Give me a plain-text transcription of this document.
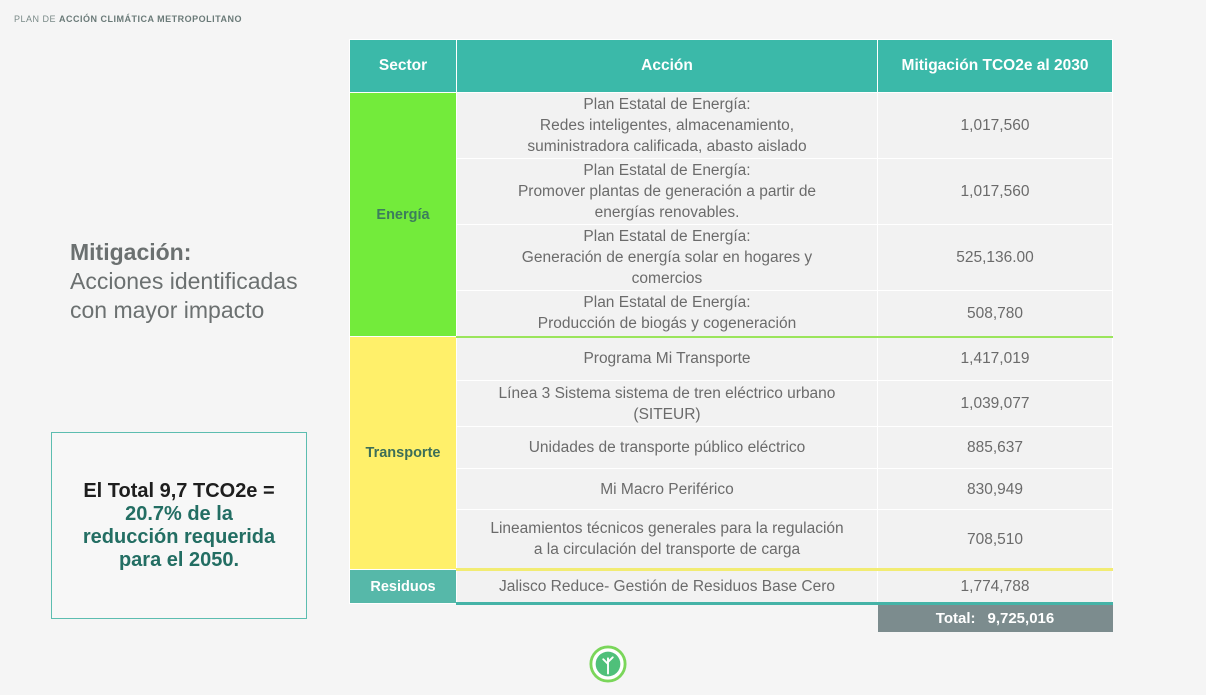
PLAN DE ACCIÓN CLIMÁTICA METROPOLITANO
Mitigación:
Acciones identificadas con mayor impacto
El Total 9,7 TCO2e =
20.7% de la
reducción requerida
para el 2050.
Sector	Acción	Mitigación TCO2e al 2030
Energía	Plan Estatal de Energía:
Redes inteligentes, almacenamiento,
suministradora calificada, abasto aislado	1,017,560

	Plan Estatal de Energía:
Promover plantas de generación a partir de
energías renovables.	1,017,560

	Plan Estatal de Energía:
Generación de energía solar en hogares y
comercios	525,136.00

	Plan Estatal de Energía:
Producción de biogás y cogeneración	508,780
Transporte	Programa Mi Transporte	1,417,019

	Línea 3 Sistema sistema de tren eléctrico urbano
(SITEUR)	1,039,077

	Unidades de transporte público eléctrico	885,637

	Mi Macro Periférico	830,949

	Lineamientos técnicos generales para la regulación
a la circulación del transporte de carga	708,510
Residuos	Jalisco Reduce- Gestión de Residuos Base Cero	1,774,788
		Total: 9,725,016
